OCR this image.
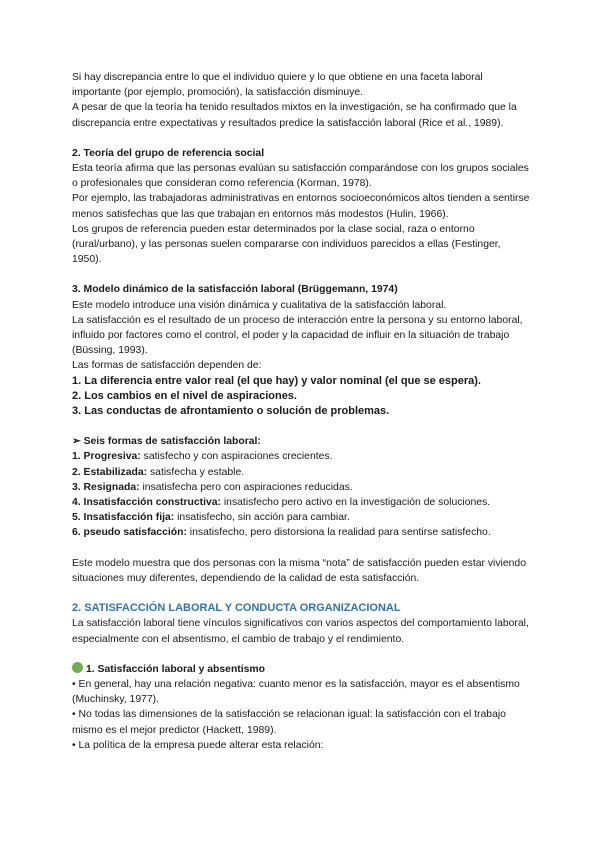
Si hay discrepancia entre lo que el individuo quiere y lo que obtiene en una faceta laboral importante (por ejemplo, promoción), la satisfacción disminuye.

A pesar de que la teoría ha tenido resultados mixtos en la investigación, se ha confirmado que la discrepancia entre expectativas y resultados predice la satisfacción laboral (Rice et al., 1989).

2. Teoría del grupo de referencia social

Esta teoría afirma que las personas evalúan su satisfacción comparándose con los grupos sociales o profesionales que consideran como referencia (Korman, 1978).

Por ejemplo, las trabajadoras administrativas en entornos socioeconómicos altos tienden a sentirse menos satisfechas que las que trabajan en entornos más modestos (Hulin, 1966).

Los grupos de referencia pueden estar determinados por la clase social, raza o entorno (rural/urbano), y las personas suelen compararse con individuos parecidos a ellas (Festinger, 1950).

3. Modelo dinámico de la satisfacción laboral (Brüggemann, 1974)

Este modelo introduce una visión dinámica y cualitativa de la satisfacción laboral.

La satisfacción es el resultado de un proceso de interacción entre la persona y su entorno laboral, influido por factores como el control, el poder y la capacidad de influir en la situación de trabajo (Büssing, 1993).

Las formas de satisfacción dependen de:

1. La diferencia entre valor real (el que hay) y valor nominal (el que se espera).

2. Los cambios en el nivel de aspiraciones.

3. Las conductas de afrontamiento o solución de problemas.

➢ Seis formas de satisfacción laboral:

1. Progresiva: satisfecho y con aspiraciones crecientes.

2. Estabilizada: satisfecha y estable.

3. Resignada: insatisfecha pero con aspiraciones reducidas.

4. Insatisfacción constructiva: insatisfecho pero activo en la investigación de soluciones.

5. Insatisfacción fija: insatisfecho, sin acción para cambiar.

6. pseudo satisfacción: insatisfecho, pero distorsiona la realidad para sentirse satisfecho.

Este modelo muestra que dos personas con la misma “nota” de satisfacción pueden estar viviendo situaciones muy diferentes, dependiendo de la calidad de esta satisfacción.

2. SATISFACCIÓN LABORAL Y CONDUCTA ORGANIZACIONAL

La satisfacción laboral tiene vínculos significativos con varios aspectos del comportamiento laboral, especialmente con el absentismo, el cambio de trabajo y el rendimiento.

1. Satisfacción laboral y absentismo

• En general, hay una relación negativa: cuanto menor es la satisfacción, mayor es el absentismo (Muchinsky, 1977).

• No todas las dimensiones de la satisfacción se relacionan igual: la satisfacción con el trabajo mismo es el mejor predictor (Hackett, 1989).

• La política de la empresa puede alterar esta relación:
